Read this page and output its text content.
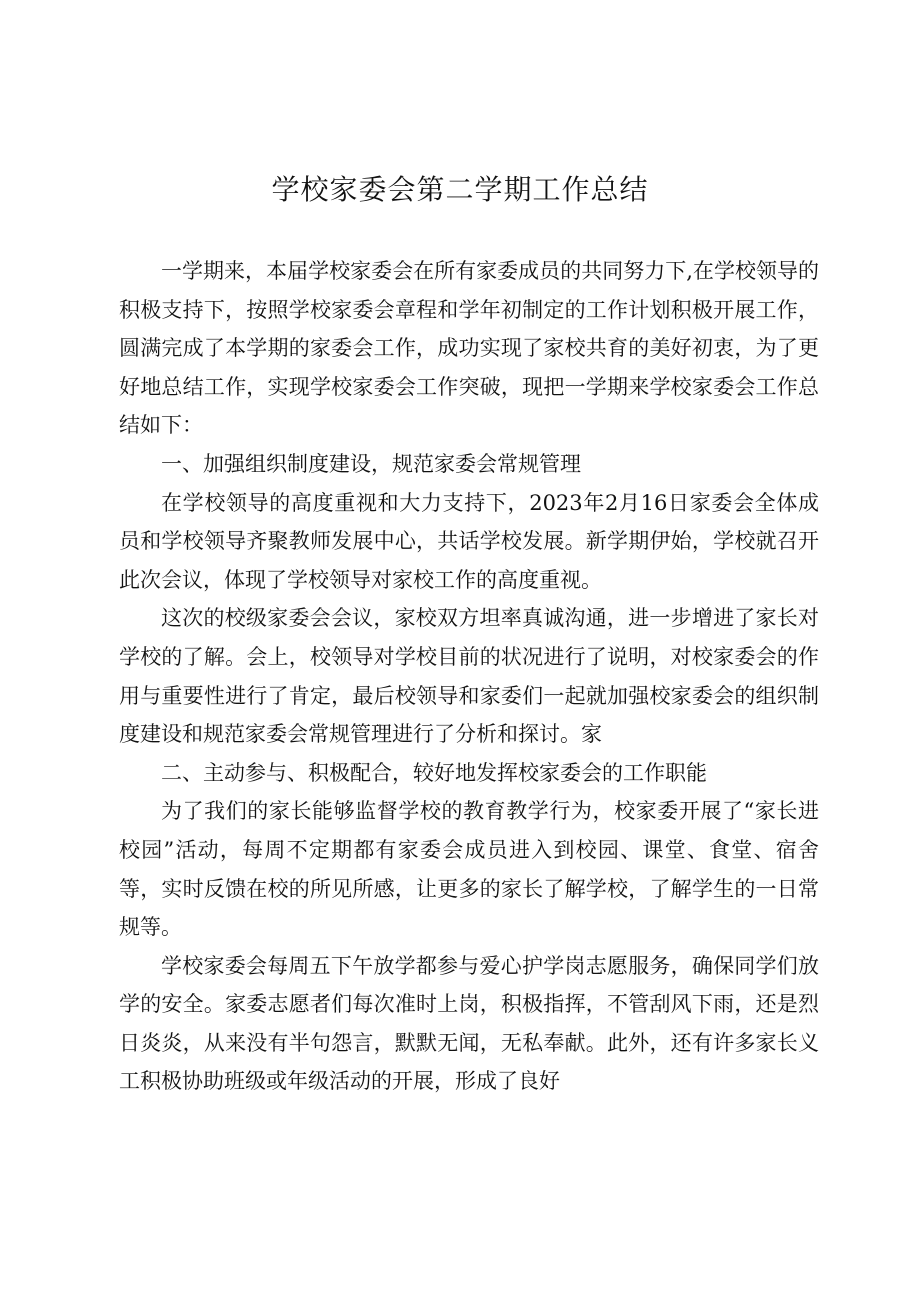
学校家委会第二学期工作总结

一学期来，本届学校家委会在所有家委成员的共同努力下,在学校领导的积极支持下，按照学校家委会章程和学年初制定的工作计划积极开展工作，圆满完成了本学期的家委会工作，成功实现了家校共育的美好初衷，为了更好地总结工作，实现学校家委会工作突破，现把一学期来学校家委会工作总结如下：

一、加强组织制度建设，规范家委会常规管理

在学校领导的高度重视和大力支持下，2023年2月16日家委会全体成员和学校领导齐聚教师发展中心，共话学校发展。新学期伊始，学校就召开此次会议，体现了学校领导对家校工作的高度重视。

这次的校级家委会会议，家校双方坦率真诚沟通，进一步增进了家长对学校的了解。会上，校领导对学校目前的状况进行了说明，对校家委会的作用与重要性进行了肯定，最后校领导和家委们一起就加强校家委会的组织制度建设和规范家委会常规管理进行了分析和探讨。家

二、主动参与、积极配合，较好地发挥校家委会的工作职能

为了我们的家长能够监督学校的教育教学行为，校家委开展了“家长进校园”活动，每周不定期都有家委会成员进入到校园、课堂、食堂、宿舍等，实时反馈在校的所见所感，让更多的家长了解学校，了解学生的一日常规等。

学校家委会每周五下午放学都参与爱心护学岗志愿服务，确保同学们放学的安全。家委志愿者们每次准时上岗，积极指挥，不管刮风下雨，还是烈日炎炎，从来没有半句怨言，默默无闻，无私奉献。此外，还有许多家长义工积极协助班级或年级活动的开展，形成了良好
